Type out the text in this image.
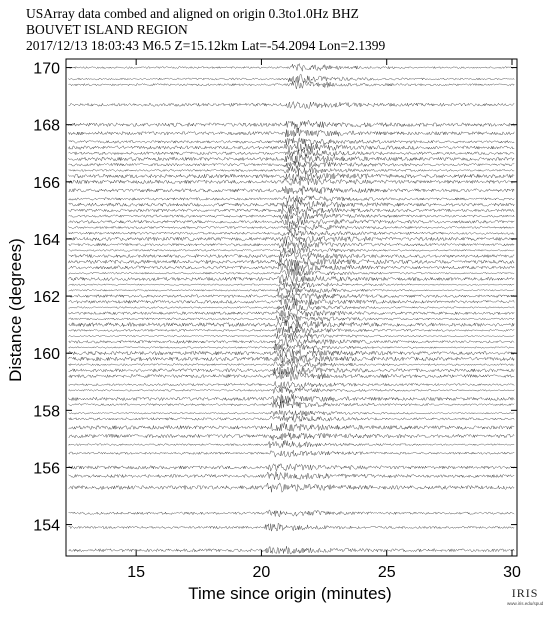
USArray data combed and aligned on origin 0.3to1.0Hz BHZ
BOUVET ISLAND REGION
2017/12/13 18:03:43 M6.5 Z=15.12km Lat=-54.2094 Lon=2.1399
15	20	25	30
154
156
158
160
162
164
166
168
170
Time since origin (minutes)
Distance (degrees)
IRIS
www.iris.edu/spud
